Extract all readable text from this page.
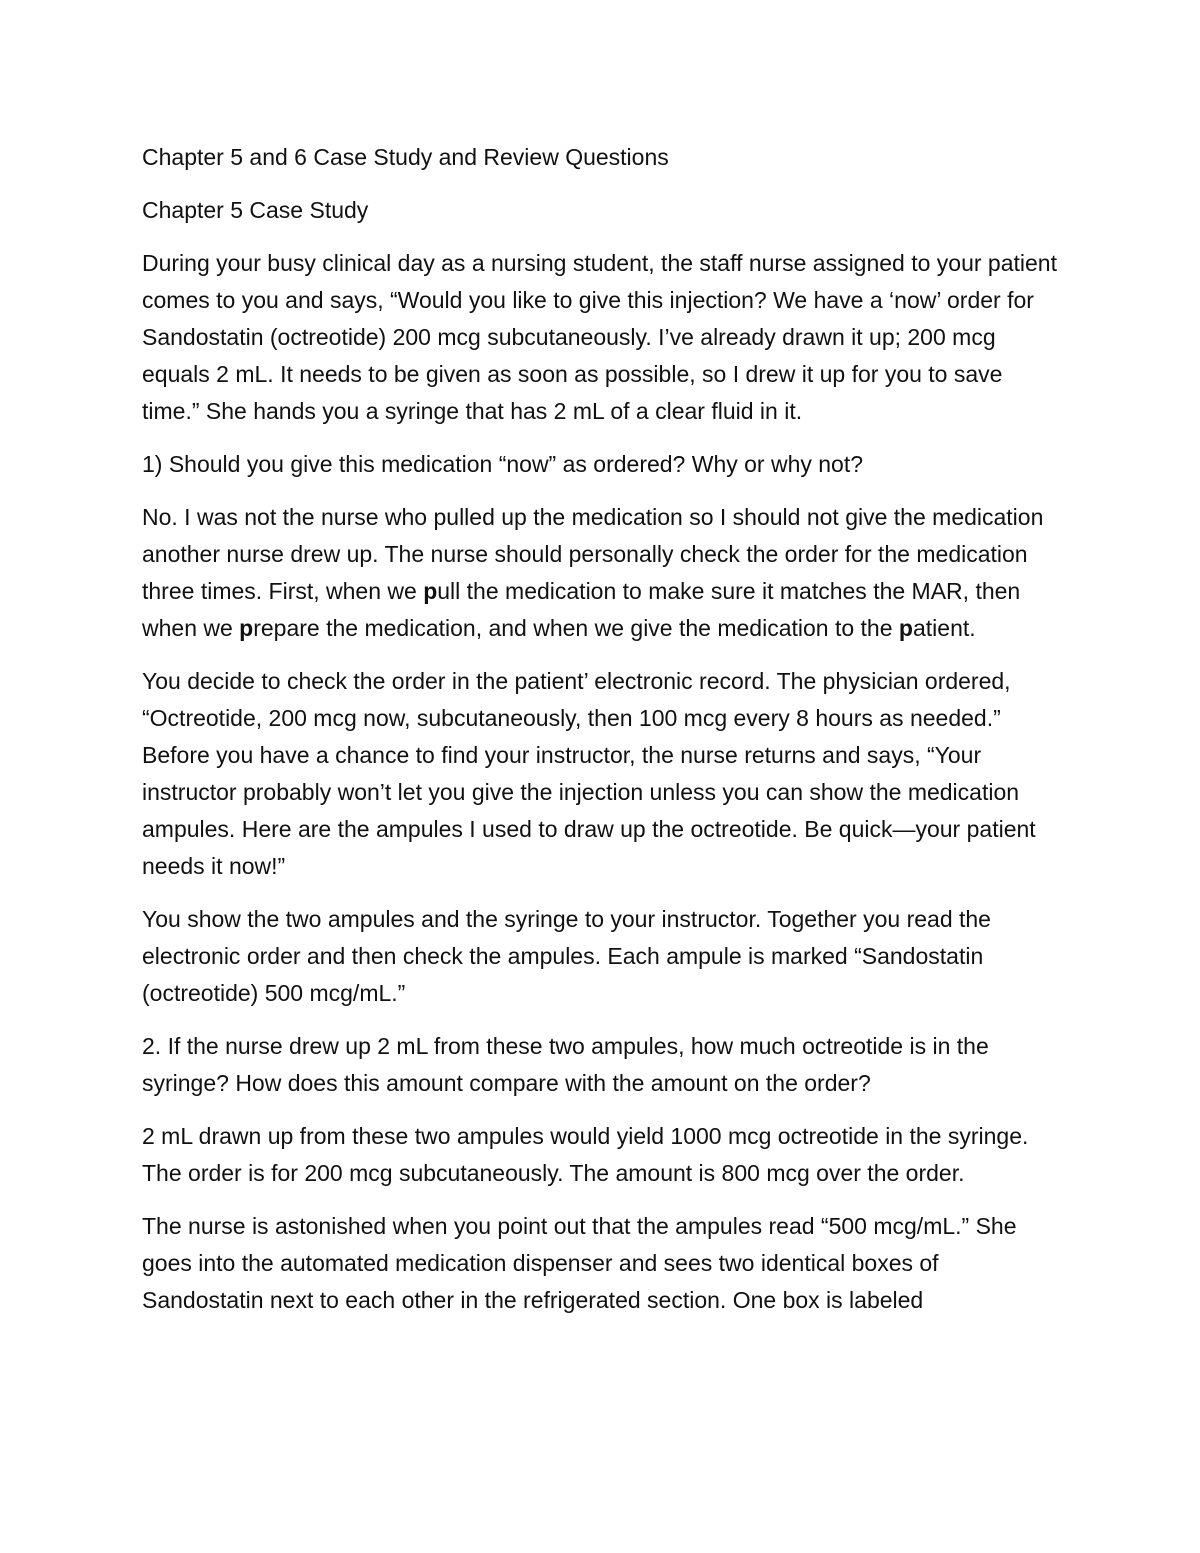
Chapter 5 and 6 Case Study and Review Questions

Chapter 5 Case Study

During your busy clinical day as a nursing student, the staff nurse assigned to your patient comes to you and says, “Would you like to give this injection? We have a ‘now’ order for Sandostatin (octreotide) 200 mcg subcutaneously. I’ve already drawn it up; 200 mcg equals 2 mL. It needs to be given as soon as possible, so I drew it up for you to save time.” She hands you a syringe that has 2 mL of a clear fluid in it.

1) Should you give this medication “now” as ordered? Why or why not?

No. I was not the nurse who pulled up the medication so I should not give the medication another nurse drew up. The nurse should personally check the order for the medication three times. First, when we pull the medication to make sure it matches the MAR, then when we prepare the medication, and when we give the medication to the patient.

You decide to check the order in the patient’ electronic record. The physician ordered, “Octreotide, 200 mcg now, subcutaneously, then 100 mcg every 8 hours as needed.” Before you have a chance to find your instructor, the nurse returns and says, “Your instructor probably won’t let you give the injection unless you can show the medication ampules. Here are the ampules I used to draw up the octreotide. Be quick—your patient needs it now!”

You show the two ampules and the syringe to your instructor. Together you read the electronic order and then check the ampules. Each ampule is marked “Sandostatin (octreotide) 500 mcg/mL.”

2. If the nurse drew up 2 mL from these two ampules, how much octreotide is in the syringe? How does this amount compare with the amount on the order?

2 mL drawn up from these two ampules would yield 1000 mcg octreotide in the syringe. The order is for 200 mcg subcutaneously. The amount is 800 mcg over the order.

The nurse is astonished when you point out that the ampules read “500 mcg/mL.” She goes into the automated medication dispenser and sees two identical boxes of Sandostatin next to each other in the refrigerated section. One box is labeled
